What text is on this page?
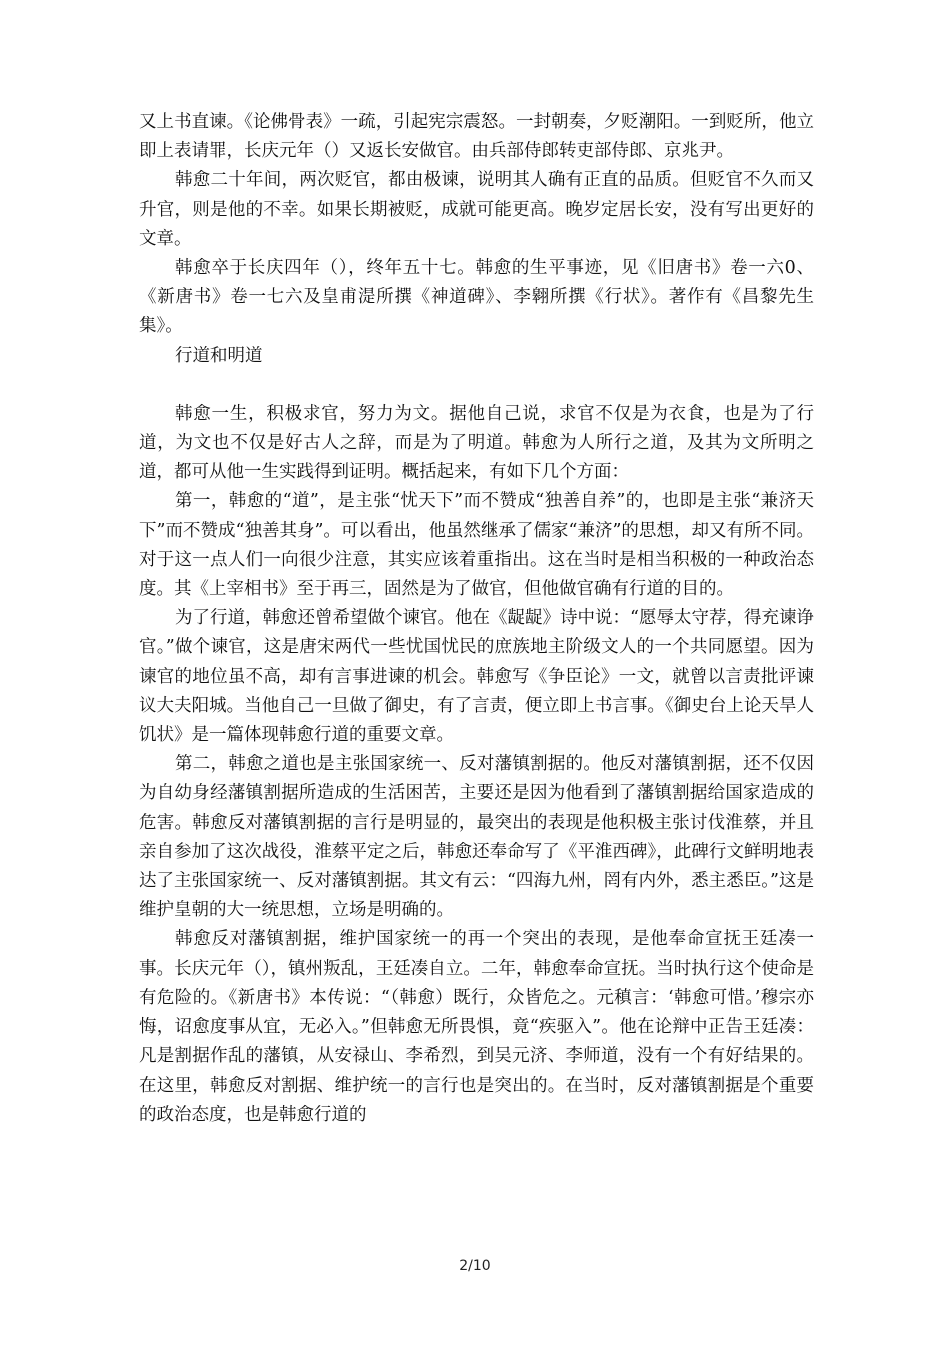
又上书直谏。《论佛骨表》一疏，引起宪宗震怒。一封朝奏，夕贬潮阳。一到贬所，他立即上表请罪，长庆元年（）又返长安做官。由兵部侍郎转吏部侍郎、京兆尹。

韩愈二十年间，两次贬官，都由极谏，说明其人确有正直的品质。但贬官不久而又升官，则是他的不幸。如果长期被贬，成就可能更高。晚岁定居长安，没有写出更好的文章。

韩愈卒于长庆四年（），终年五十七。韩愈的生平事迹，见《旧唐书》卷一六0、《新唐书》卷一七六及皇甫湜所撰《神道碑》、李翱所撰《行状》。著作有《昌黎先生集》。

行道和明道

韩愈一生，积极求官，努力为文。据他自己说，求官不仅是为衣食，也是为了行道，为文也不仅是好古人之辞，而是为了明道。韩愈为人所行之道，及其为文所明之道，都可从他一生实践得到证明。概括起来，有如下几个方面：

第一，韩愈的“道”，是主张“忧天下”而不赞成“独善自养”的，也即是主张“兼济天下”而不赞成“独善其身”。可以看出，他虽然继承了儒家“兼济”的思想，却又有所不同。对于这一点人们一向很少注意，其实应该着重指出。这在当时是相当积极的一种政治态度。其《上宰相书》至于再三，固然是为了做官，但他做官确有行道的目的。

为了行道，韩愈还曾希望做个谏官。他在《龊龊》诗中说：“愿辱太守荐，得充谏诤官。”做个谏官，这是唐宋两代一些忧国忧民的庶族地主阶级文人的一个共同愿望。因为谏官的地位虽不高，却有言事进谏的机会。韩愈写《争臣论》一文，就曾以言责批评谏议大夫阳城。当他自己一旦做了御史，有了言责，便立即上书言事。《御史台上论天旱人饥状》是一篇体现韩愈行道的重要文章。

第二，韩愈之道也是主张国家统一、反对藩镇割据的。他反对藩镇割据，还不仅因为自幼身经藩镇割据所造成的生活困苦，主要还是因为他看到了藩镇割据给国家造成的危害。韩愈反对藩镇割据的言行是明显的，最突出的表现是他积极主张讨伐淮蔡，并且亲自参加了这次战役，淮蔡平定之后，韩愈还奉命写了《平淮西碑》，此碑行文鲜明地表达了主张国家统一、反对藩镇割据。其文有云：“四海九州，罔有内外，悉主悉臣。”这是维护皇朝的大一统思想，立场是明确的。

韩愈反对藩镇割据，维护国家统一的再一个突出的表现，是他奉命宣抚王廷凑一事。长庆元年（），镇州叛乱，王廷凑自立。二年，韩愈奉命宣抚。当时执行这个使命是有危险的。《新唐书》本传说：“（韩愈）既行，众皆危之。元稹言：‘韩愈可惜。’穆宗亦悔，诏愈度事从宜，无必入。”但韩愈无所畏惧，竟“疾驱入”。他在论辩中正告王廷凑：凡是割据作乱的藩镇，从安禄山、李希烈，到吴元济、李师道，没有一个有好结果的。在这里，韩愈反对割据、维护统一的言行也是突出的。在当时，反对藩镇割据是个重要的政治态度，也是韩愈行道的

2/10
